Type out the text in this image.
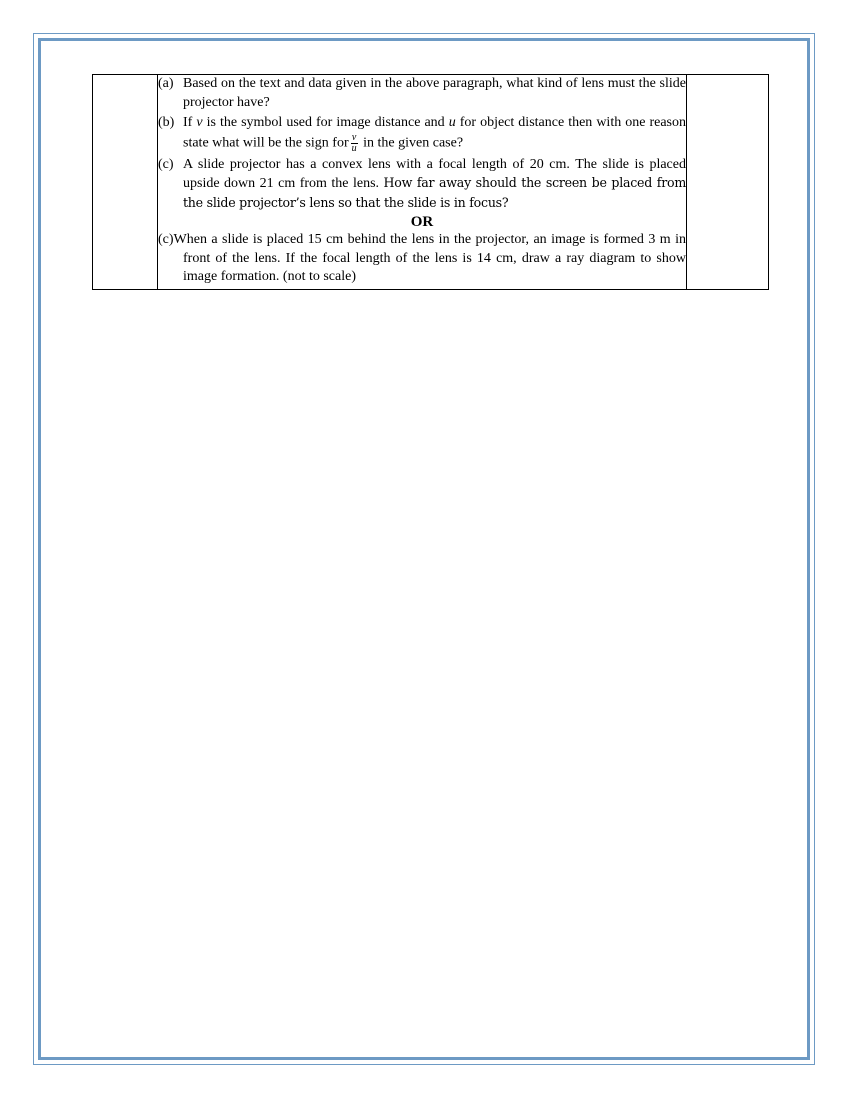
(a) Based on the text and data given in the above paragraph, what kind of lens must the slide projector have?
(b) If v is the symbol used for image distance and u for object distance then with one reason state what will be the sign for $\frac{v}{u}$ in the given case?
(c) A slide projector has a convex lens with a focal length of 20 cm. The slide is placed upside down 21 cm from the lens. How far away should the screen be placed from the slide projector’s lens so that the slide is in focus?
OR
(c)When a slide is placed 15 cm behind the lens in the projector, an image is formed 3 m in front of the lens. If the focal length of the lens is 14 cm, draw a ray diagram to show image formation. (not to scale)
